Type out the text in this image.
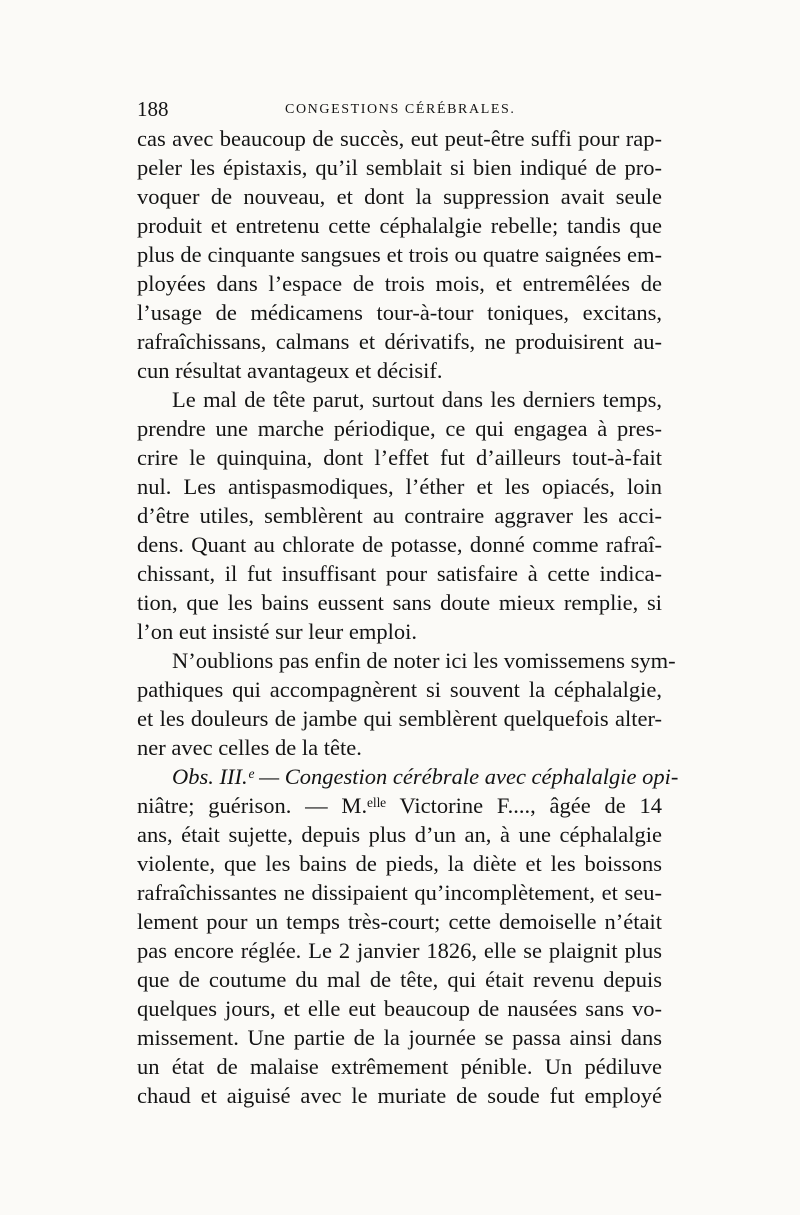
188	CONGESTIONS CÉRÉBRALES.
cas avec beaucoup de succès, eut peut-être suffi pour rap-
peler les épistaxis, qu’il semblait si bien indiqué de pro-
voquer de nouveau, et dont la suppression avait seule
produit et entretenu cette céphalalgie rebelle; tandis que
plus de cinquante sangsues et trois ou quatre saignées em-
ployées dans l’espace de trois mois, et entremêlées de
l’usage de médicamens tour-à-tour toniques, excitans,
rafraîchissans, calmans et dérivatifs, ne produisirent au-
cun résultat avantageux et décisif.
Le mal de tête parut, surtout dans les derniers temps,
prendre une marche périodique, ce qui engagea à pres-
crire le quinquina, dont l’effet fut d’ailleurs tout-à-fait
nul. Les antispasmodiques, l’éther et les opiacés, loin
d’être utiles, semblèrent au contraire aggraver les acci-
dens. Quant au chlorate de potasse, donné comme rafraî-
chissant, il fut insuffisant pour satisfaire à cette indica-
tion, que les bains eussent sans doute mieux remplie, si
l’on eut insisté sur leur emploi.
N’oublions pas enfin de noter ici les vomissemens sym-
pathiques qui accompagnèrent si souvent la céphalalgie,
et les douleurs de jambe qui semblèrent quelquefois alter-
ner avec celles de la tête.
Obs. III.ᵉ — Congestion cérébrale avec céphalalgie opi-
niâtre; guérison. — M.ᵉˡˡᵉ Victorine F...., âgée de 14
ans, était sujette, depuis plus d’un an, à une céphalalgie
violente, que les bains de pieds, la diète et les boissons
rafraîchissantes ne dissipaient qu’incomplètement, et seu-
lement pour un temps très-court; cette demoiselle n’était
pas encore réglée. Le 2 janvier 1826, elle se plaignit plus
que de coutume du mal de tête, qui était revenu depuis
quelques jours, et elle eut beaucoup de nausées sans vo-
missement. Une partie de la journée se passa ainsi dans
un état de malaise extrêmement pénible. Un pédiluve
chaud et aiguisé avec le muriate de soude fut employé
